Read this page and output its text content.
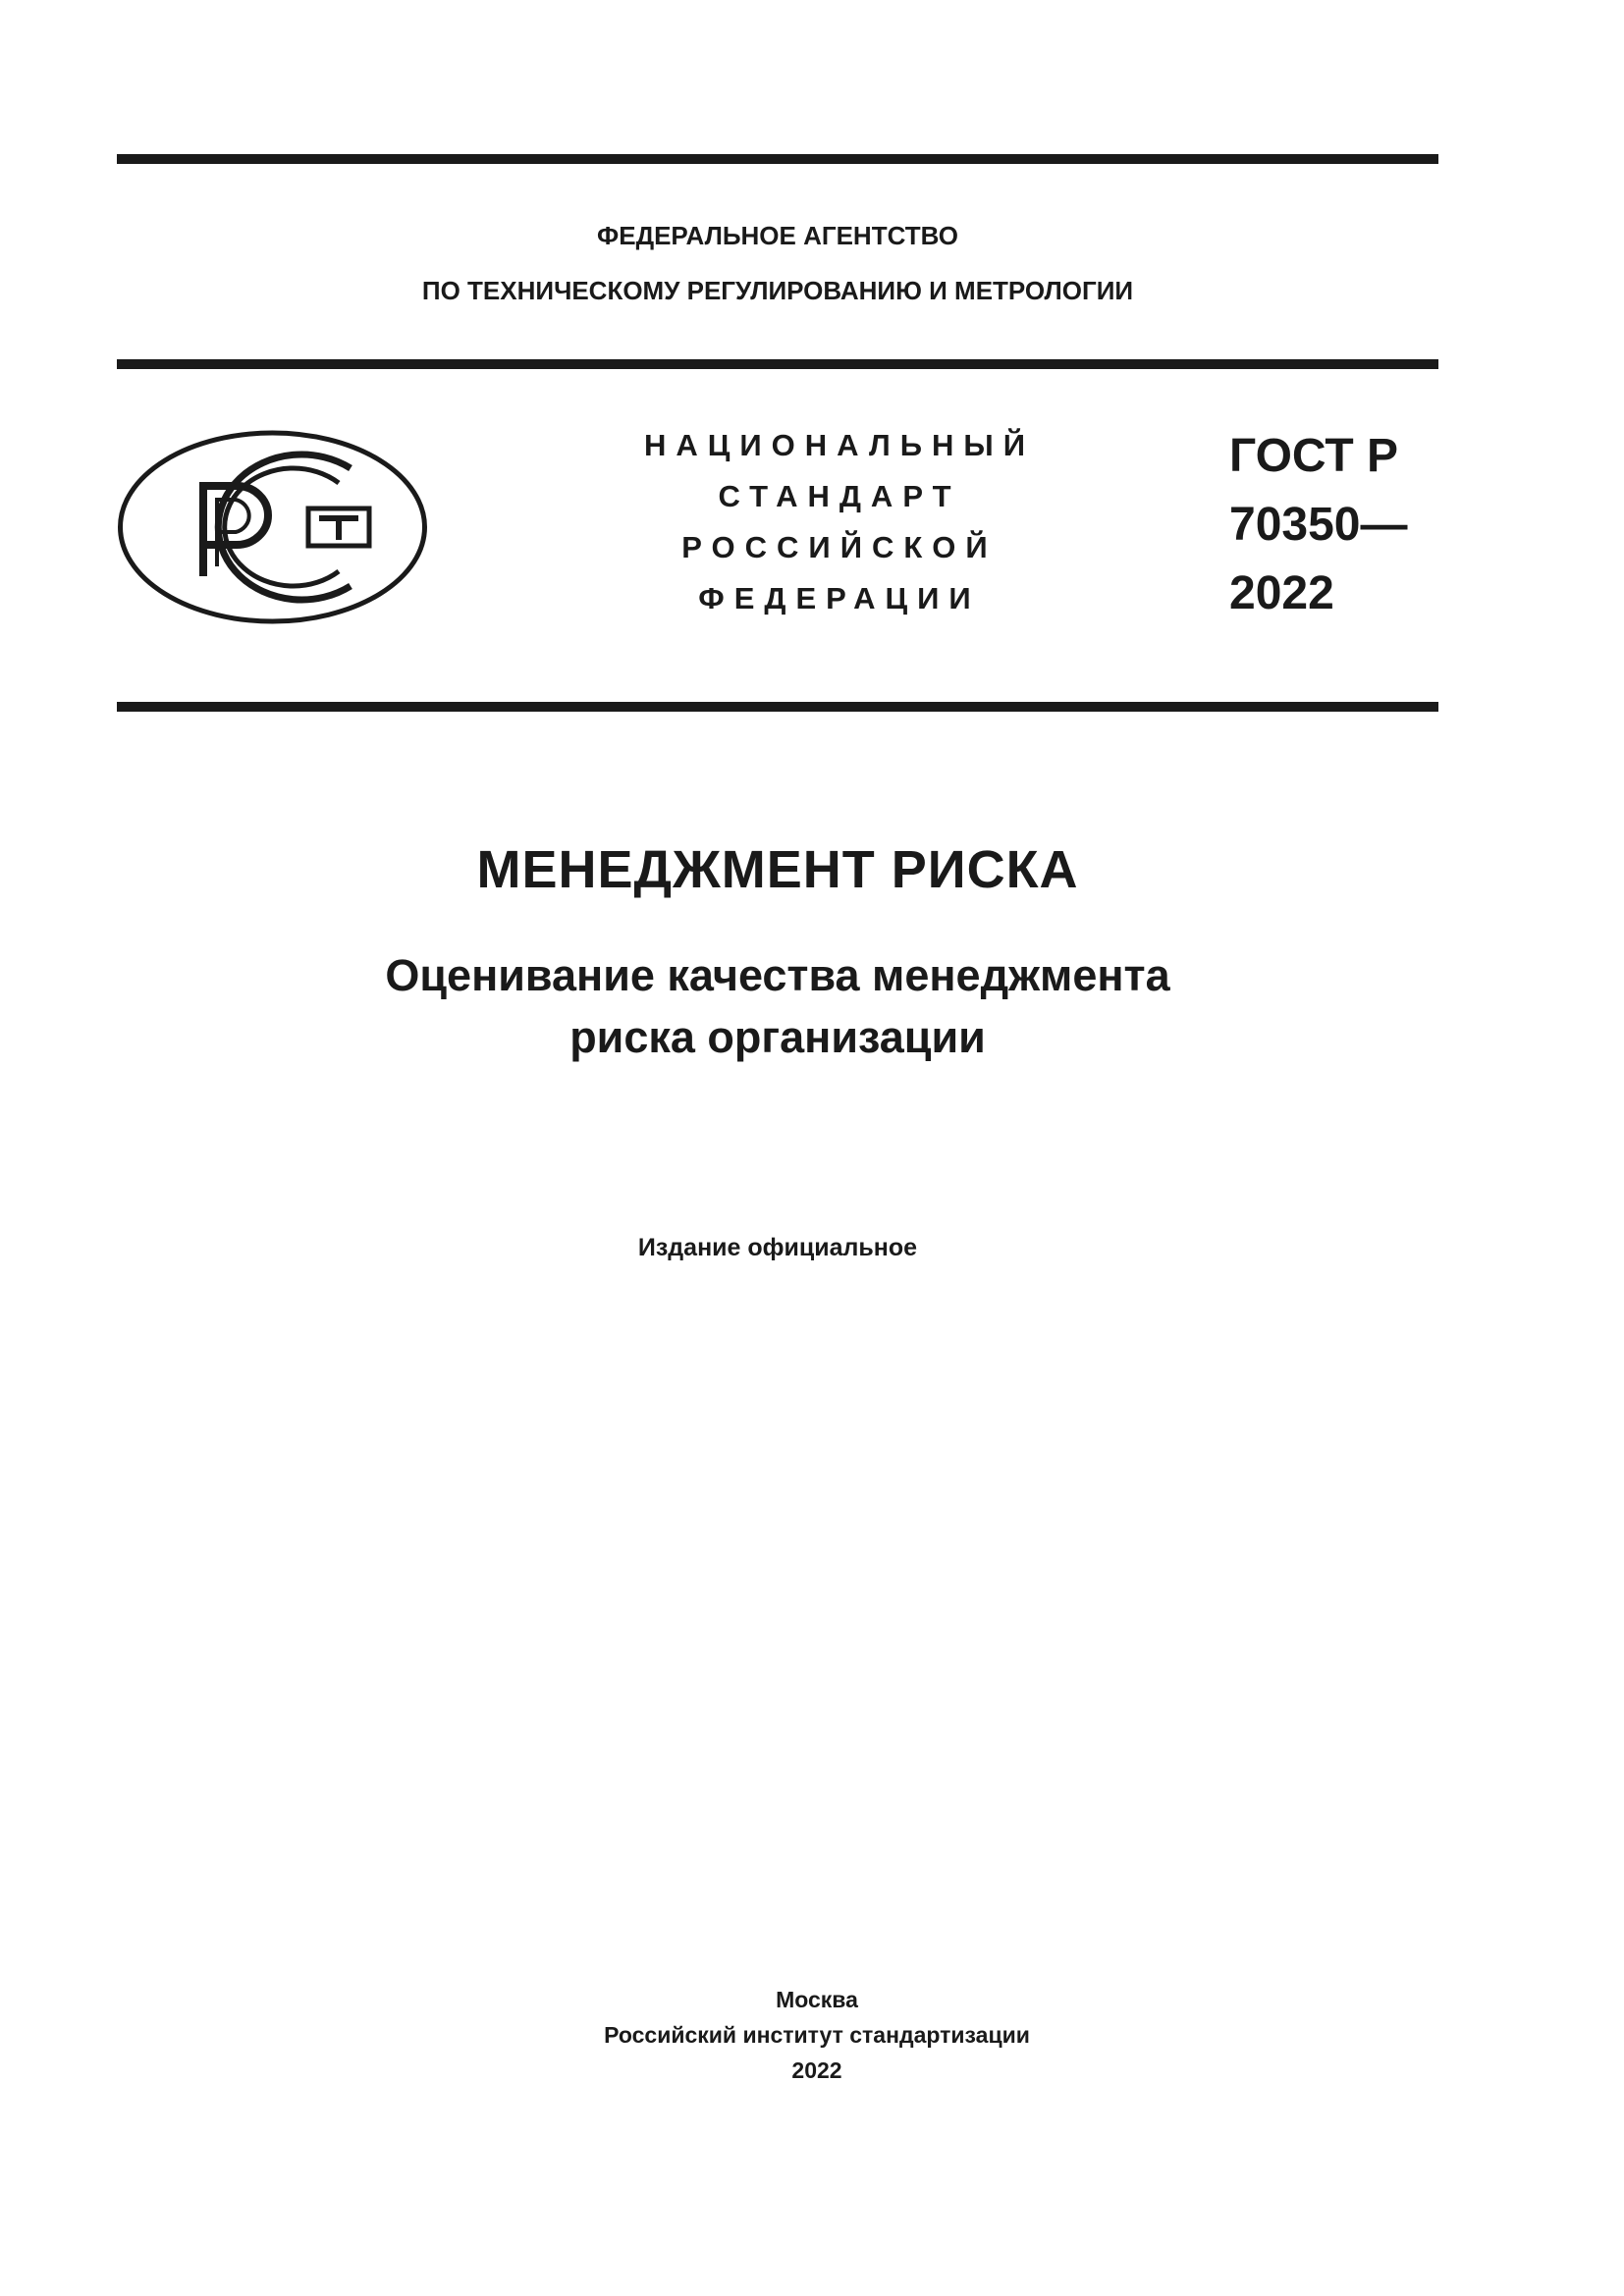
ФЕДЕРАЛЬНОЕ АГЕНТСТВО
ПО ТЕХНИЧЕСКОМУ РЕГУЛИРОВАНИЮ И МЕТРОЛОГИИ
НАЦИОНАЛЬНЫЙ
СТАНДАРТ
РОССИЙСКОЙ
ФЕДЕРАЦИИ
ГОСТ Р
70350—
2022
МЕНЕДЖМЕНТ РИСКА
Оценивание качества менеджмента
риска организации
Издание официальное
Москва
Российский институт стандартизации
2022
